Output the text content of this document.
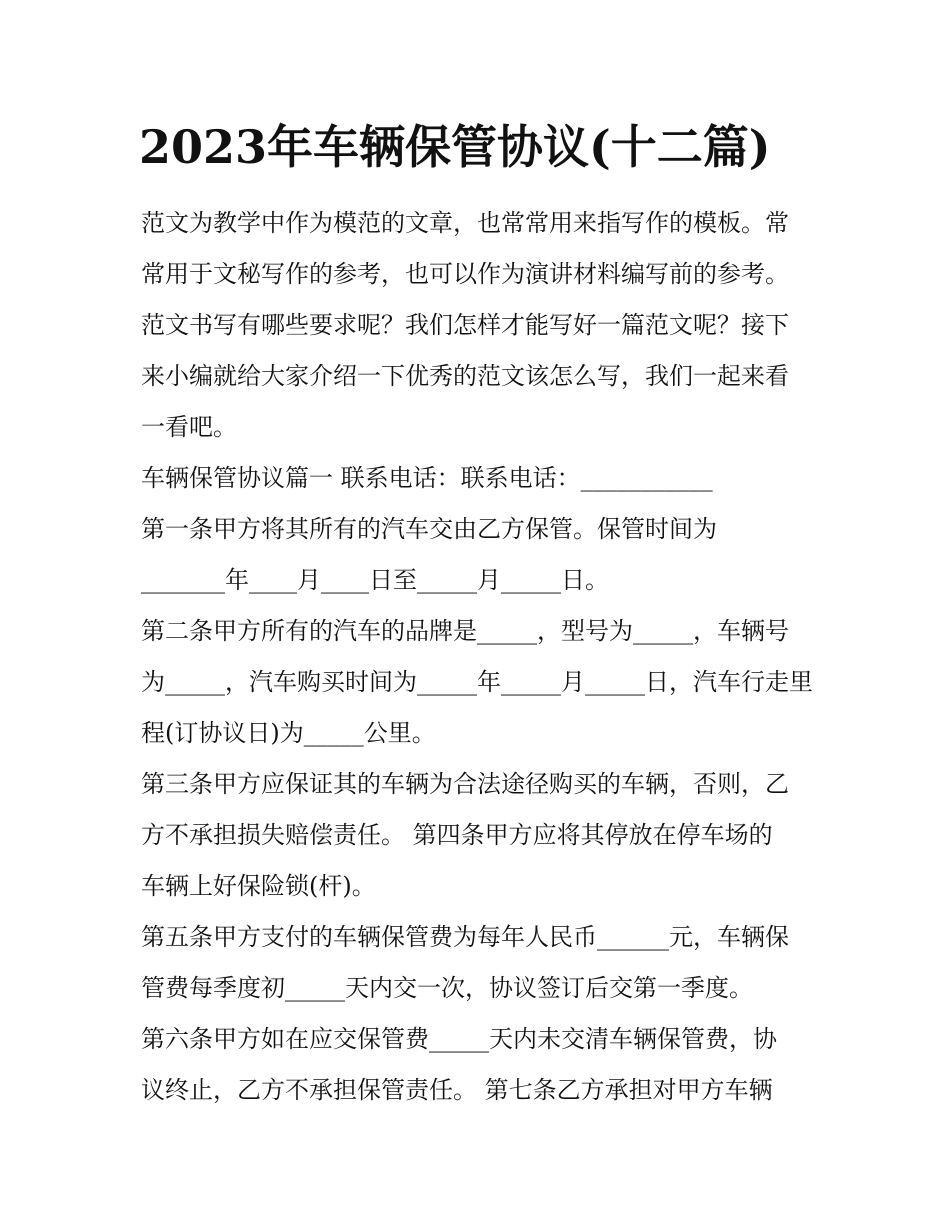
2023年车辆保管协议(十二篇)
范文为教学中作为模范的文章，也常常用来指写作的模板。常
常用于文秘写作的参考，也可以作为演讲材料编写前的参考。
范文书写有哪些要求呢？我们怎样才能写好一篇范文呢？接下
来小编就给大家介绍一下优秀的范文该怎么写，我们一起来看
一看吧。
车辆保管协议篇一 联系电话：联系电话：___________
第一条甲方将其所有的汽车交由乙方保管。保管时间为
_______年____月____日至_____月_____日。
第二条甲方所有的汽车的品牌是_____，型号为_____，车辆号
为_____，汽车购买时间为_____年_____月_____日，汽车行走里
程(订协议日)为_____公里。
第三条甲方应保证其的车辆为合法途径购买的车辆，否则，乙
方不承担损失赔偿责任。 第四条甲方应将其停放在停车场的
车辆上好保险锁(杆)。
第五条甲方支付的车辆保管费为每年人民币______元，车辆保
管费每季度初_____天内交一次，协议签订后交第一季度。
第六条甲方如在应交保管费_____天内未交清车辆保管费，协
议终止，乙方不承担保管责任。 第七条乙方承担对甲方车辆
